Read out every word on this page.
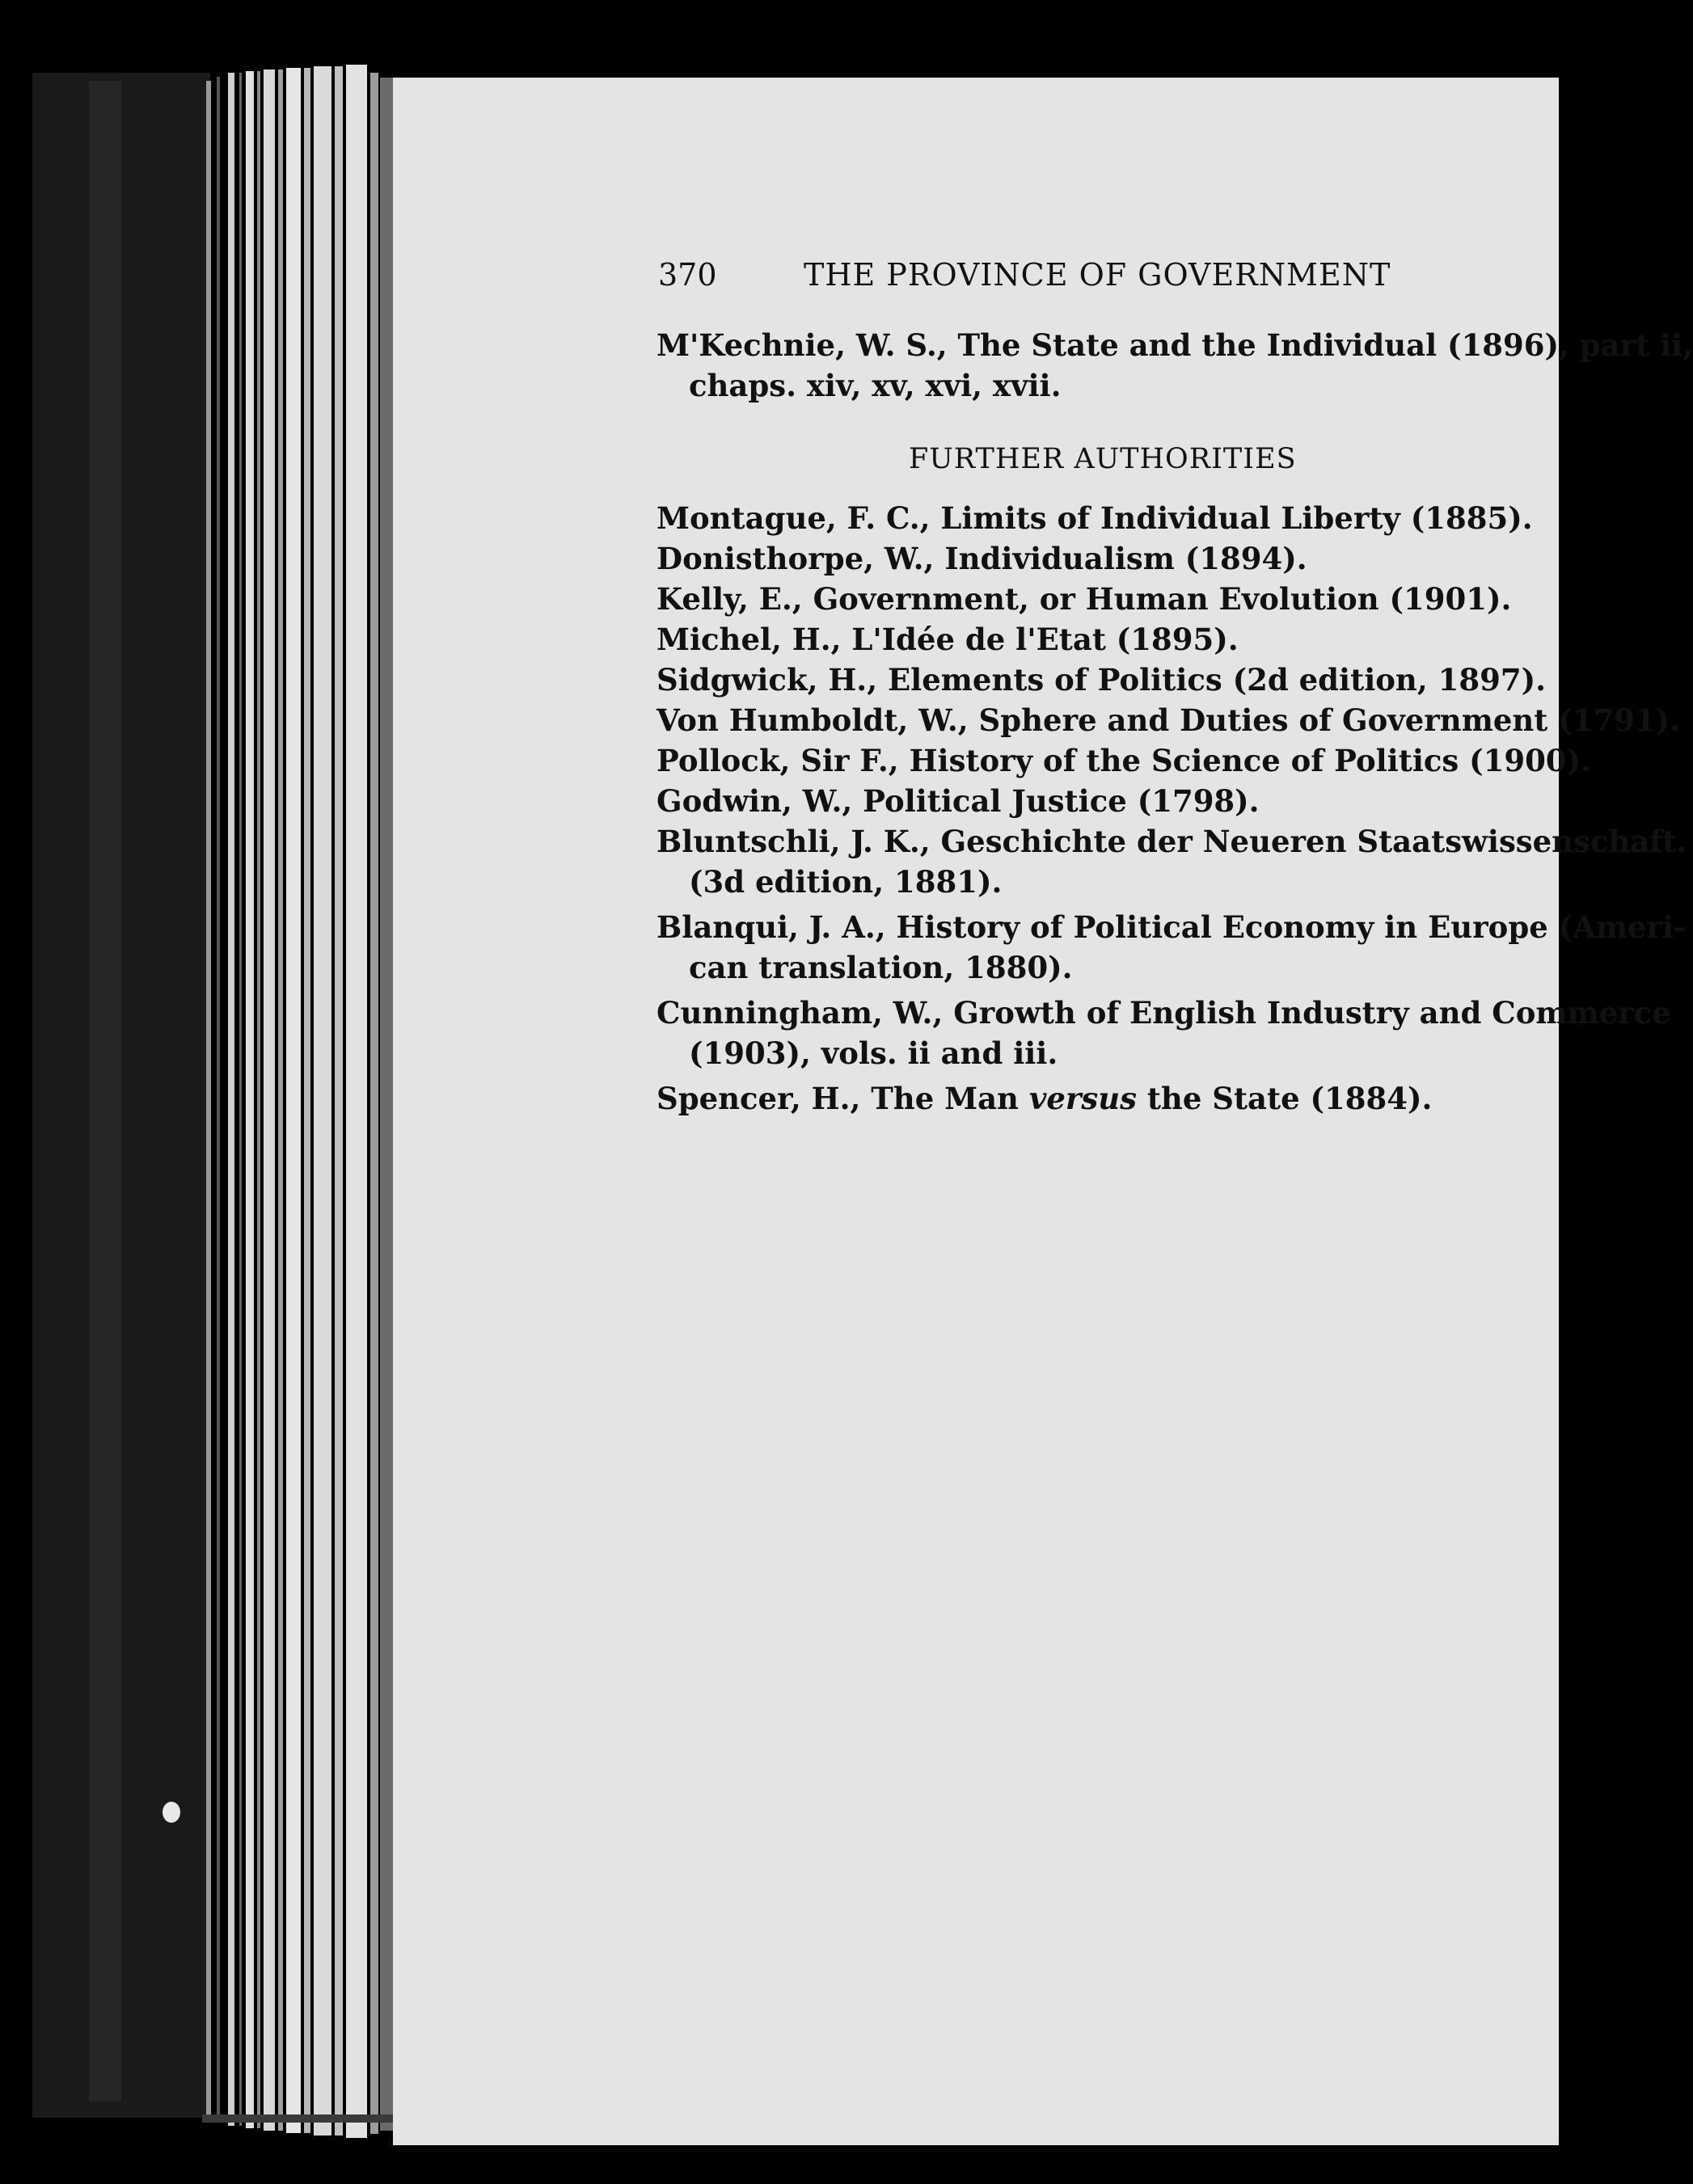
370	THE PROVINCE OF GOVERNMENT
M'Kechnie, W. S., The State and the Individual (1896), part ii,
chaps. xiv, xv, xvi, xvii.
FURTHER AUTHORITIES
Montague, F. C., Limits of Individual Liberty (1885).
Donisthorpe, W., Individualism (1894).
Kelly, E., Government, or Human Evolution (1901).
Michel, H., L'Idée de l'Etat (1895).
Sidgwick, H., Elements of Politics (2d edition, 1897).
Von Humboldt, W., Sphere and Duties of Government (1791).
Pollock, Sir F., History of the Science of Politics (1900).
Godwin, W., Political Justice (1798).
Bluntschli, J. K., Geschichte der Neueren Staatswissenschaft.
(3d edition, 1881).
Blanqui, J. A., History of Political Economy in Europe (Ameri-
can translation, 1880).
Cunningham, W., Growth of English Industry and Commerce
(1903), vols. ii and iii.
Spencer, H., The Man versus the State (1884).
